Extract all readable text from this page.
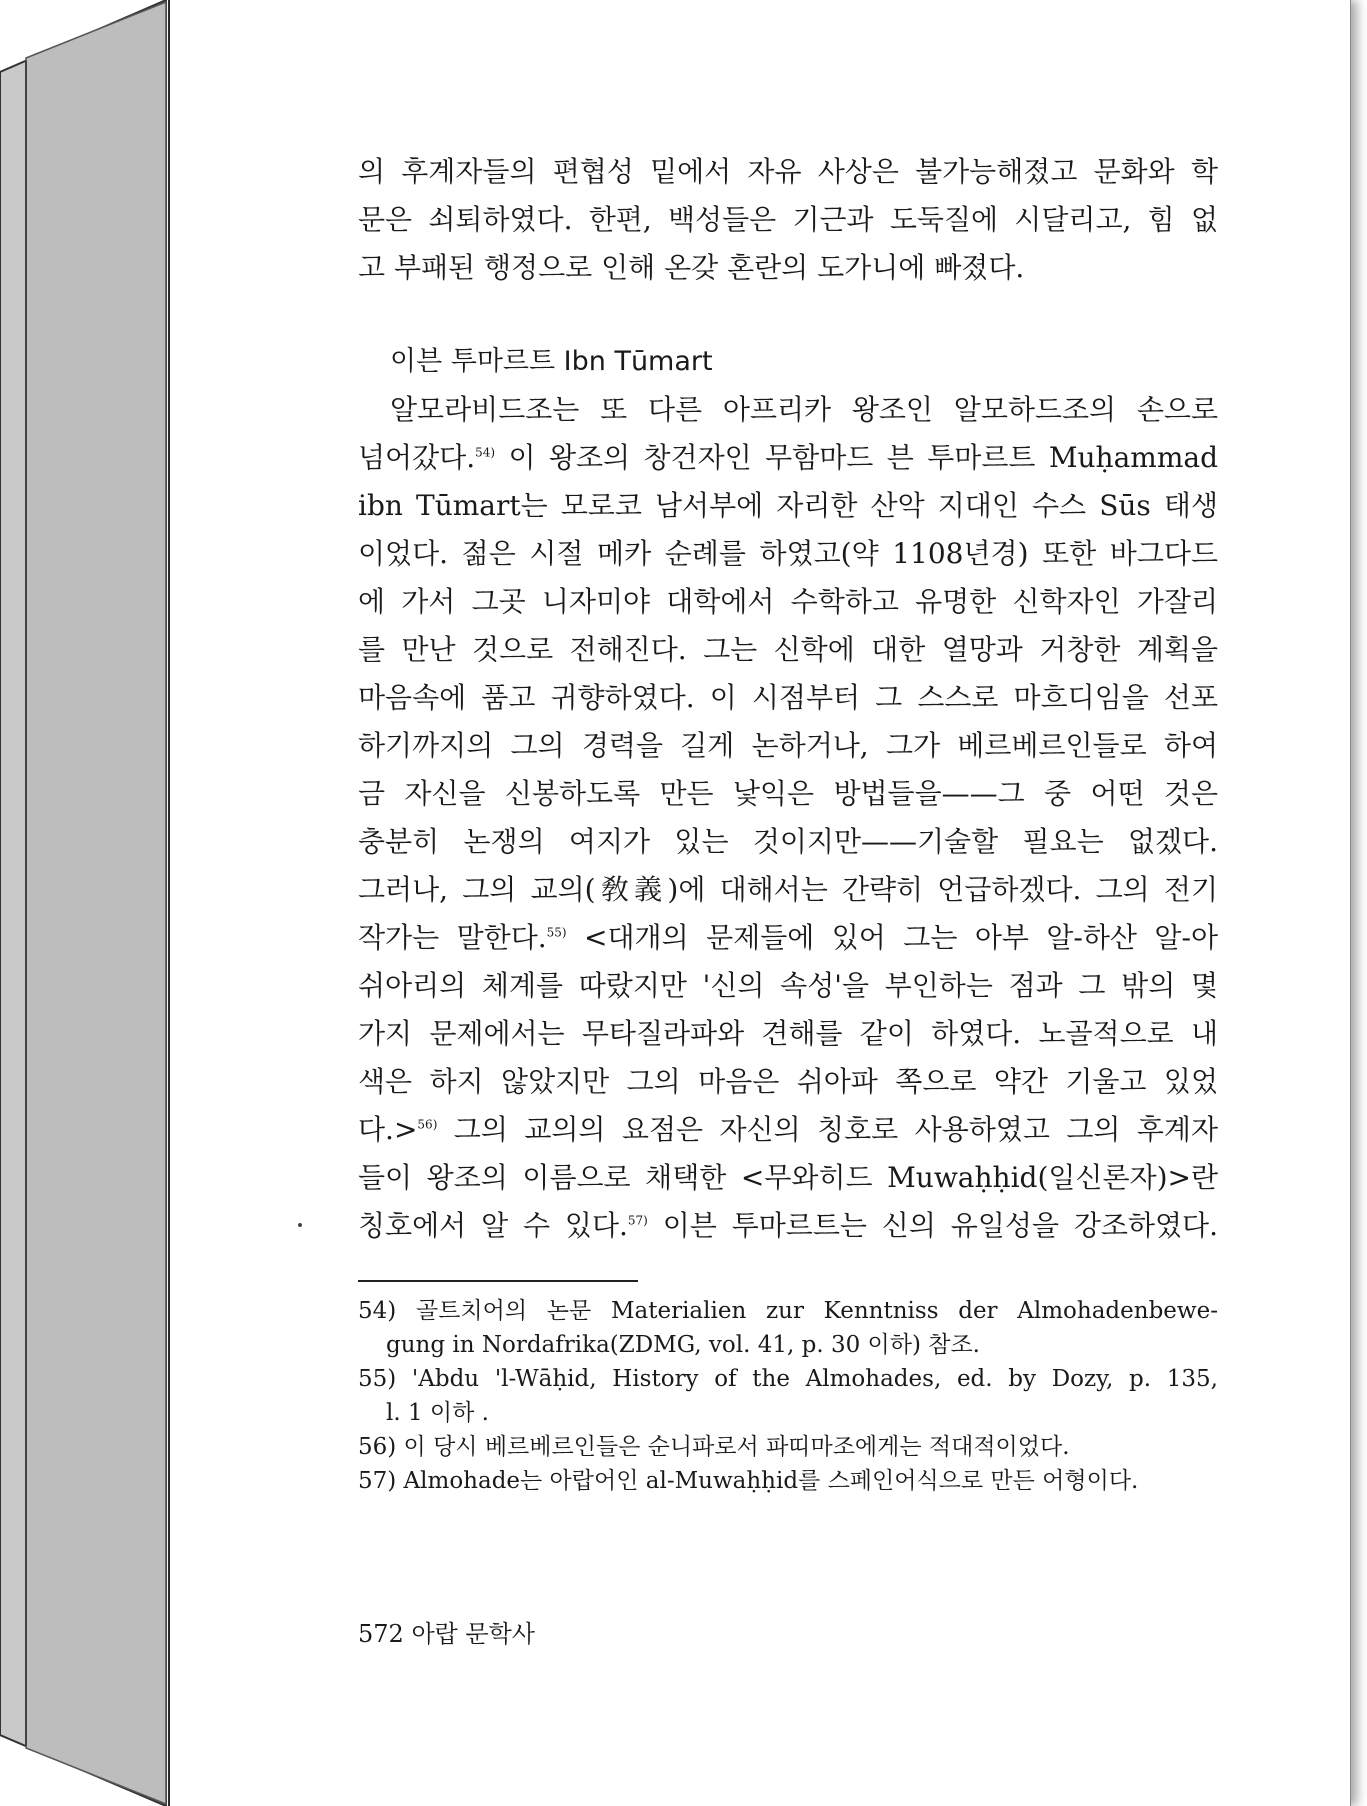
의 후계자들의 편협성 밑에서 자유 사상은 불가능해졌고 문화와 학
문은 쇠퇴하였다. 한편, 백성들은 기근과 도둑질에 시달리고, 힘 없
고 부패된 행정으로 인해 온갖 혼란의 도가니에 빠졌다.
이븐 투마르트 Ibn Tūmart
알모라비드조는 또 다른 아프리카 왕조인 알모하드조의 손으로
넘어갔다.$^{54)}$ 이 왕조의 창건자인 무함마드 븐 투마르트 Muḥammad
ibn Tūmart는 모로코 남서부에 자리한 산악 지대인 수스 Sūs 태생
이었다. 젊은 시절 메카 순례를 하였고(약 1108년경) 또한 바그다드
에 가서 그곳 니자미야 대학에서 수학하고 유명한 신학자인 가잘리
를 만난 것으로 전해진다. 그는 신학에 대한 열망과 거창한 계획을
마음속에 품고 귀향하였다. 이 시점부터 그 스스로 마흐디임을 선포
하기까지의 그의 경력을 길게 논하거나, 그가 베르베르인들로 하여
금 자신을 신봉하도록 만든 낯익은 방법들을——그 중 어떤 것은
충분히 논쟁의 여지가 있는 것이지만——기술할 필요는 없겠다.
그러나, 그의 교의(敎義)에 대해서는 간략히 언급하겠다. 그의 전기
작가는 말한다.$^{55)}$ <대개의 문제들에 있어 그는 아부 알-하산 알-아
쉬아리의 체계를 따랐지만 '신의 속성'을 부인하는 점과 그 밖의 몇
가지 문제에서는 무타질라파와 견해를 같이 하였다. 노골적으로 내
색은 하지 않았지만 그의 마음은 쉬아파 쪽으로 약간 기울고 있었
다.>$^{56)}$ 그의 교의의 요점은 자신의 칭호로 사용하였고 그의 후계자
들이 왕조의 이름으로 채택한 <무와히드 Muwaḥḥid(일신론자)>란
칭호에서 알 수 있다.$^{57)}$ 이븐 투마르트는 신의 유일성을 강조하였다.
54) 골트치어의 논문 Materialien zur Kenntniss der Almohadenbewe-
gung in Nordafrika(ZDMG, vol. 41, p. 30 이하) 참조.
55) 'Abdu 'l-Wāḥid, History of the Almohades, ed. by Dozy, p. 135,
l. 1 이하 .
56) 이 당시 베르베르인들은 순니파로서 파띠마조에게는 적대적이었다.
57) Almohade는 아랍어인 al-Muwaḥḥid를 스페인어식으로 만든 어형이다.
572 아랍 문학사
